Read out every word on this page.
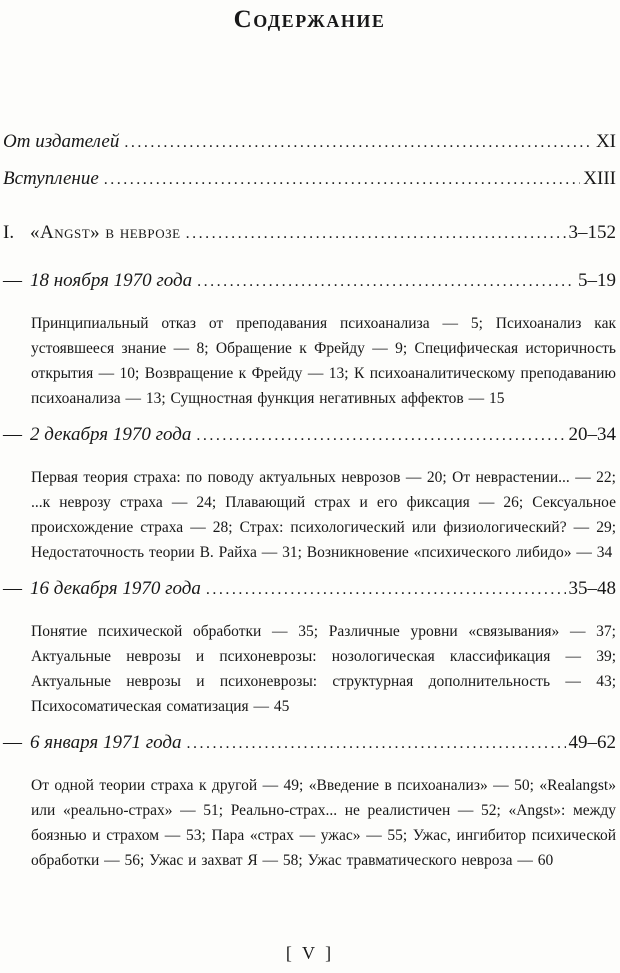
Содержание
От издателей .....	XI
Вступление .....	XIII
I. «Angst» в неврозе .....	3–152
— 18 ноября 1970 года .....	5–19

Принципиальный отказ от преподавания психоанализа — 5; Психоанализ как устоявшееся знание — 8; Обращение к Фрейду — 9; Специфическая историчность открытия — 10; Возвращение к Фрейду — 13; К психоаналитическому преподаванию психоанализа — 13; Сущностная функция негативных аффектов — 15

— 2 декабря 1970 года .....	20–34

Первая теория страха: по поводу актуальных неврозов — 20; От неврастении... — 22; ...к неврозу страха — 24; Плавающий страх и его фиксация — 26; Сексуальное происхождение страха — 28; Страх: психологический или физиологический? — 29; Недостаточность теории В. Райха — 31; Возникновение «психического либидо» — 34

— 16 декабря 1970 года .....	35–48

Понятие психической обработки — 35; Различные уровни «связывания» — 37; Актуальные неврозы и психоневрозы: нозологическая классификация — 39; Актуальные неврозы и психоневрозы: структурная дополнительность — 43; Психосоматическая соматизация — 45

— 6 января 1971 года .....	49–62

От одной теории страха к другой — 49; «Введение в психоанализ» — 50; «Realangst» или «реально-страх» — 51; Реально-страх... не реалистичен — 52; «Angst»: между боязнью и страхом — 53; Пара «страх — ужас» — 55; Ужас, ингибитор психической обработки — 56; Ужас и захват Я — 58; Ужас травматического невроза — 60

[ V ]
